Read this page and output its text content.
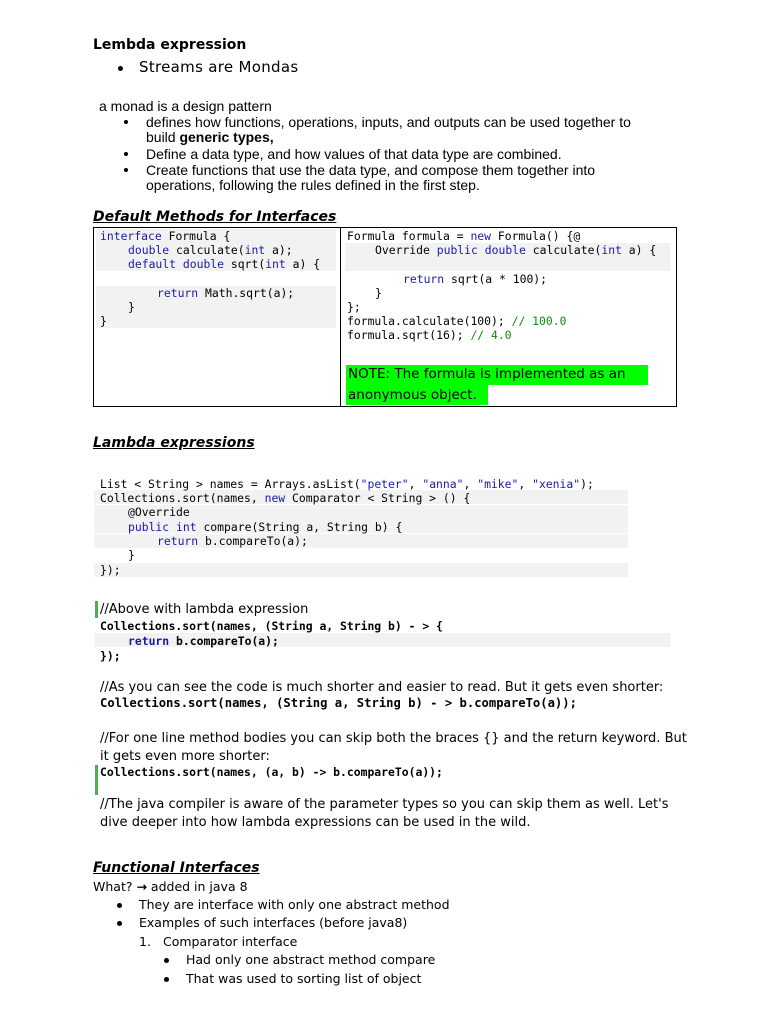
Lembda expression
Streams are Mondas
a monad is a design pattern
defines how functions, operations, inputs, and outputs can be used together to
build generic types,
Define a data type, and how values of that data type are combined.
Create functions that use the data type, and compose them together into
operations, following the rules defined in the first step.
Default Methods for Interfaces
interface Formula {
double calculate(int a);
default double sqrt(int a) {
return Math.sqrt(a);
}
}
Formula formula = new Formula() {@
Override public double calculate(int a) {
return sqrt(a * 100);
}
};
formula.calculate(100); // 100.0
formula.sqrt(16); // 4.0
NOTE: The formula is implemented as an
anonymous object.
Lambda expressions
List < String > names = Arrays.asList("peter", "anna", "mike", "xenia");
Collections.sort(names, new Comparator < String > () {
@Override
public int compare(String a, String b) {
return b.compareTo(a);
}
});
//Above with lambda expression
Collections.sort(names, (String a, String b) - > {
return b.compareTo(a);
});
//As you can see the code is much shorter and easier to read. But it gets even shorter:
Collections.sort(names, (String a, String b) - > b.compareTo(a));
//For one line method bodies you can skip both the braces {} and the return keyword. But
it gets even more shorter:
Collections.sort(names, (a, b) -> b.compareTo(a));
//The java compiler is aware of the parameter types so you can skip them as well. Let's
dive deeper into how lambda expressions can be used in the wild.
Functional Interfaces
What? → added in java 8
They are interface with only one abstract method
Examples of such interfaces (before java8)
1. Comparator interface
Had only one abstract method compare
That was used to sorting list of object
